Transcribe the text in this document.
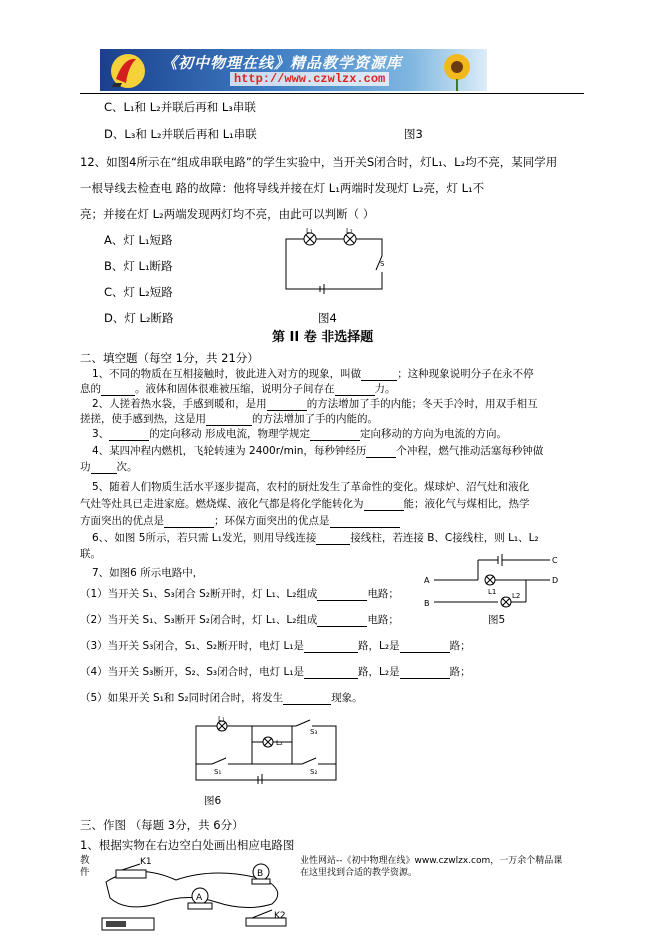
《初中物理在线》精品教学资源库
http://www.czwlzx.com
C、L₁和 L₂并联后再和 L₃串联
D、L₃和 L₂并联后再和 L₁串联	图3
12、如图4所示在“组成串联电路”的学生实验中，当开关S闭合时，灯L₁、L₂均不亮，某同学用
一根导线去检查电 路的故障：他将导线并接在灯 L₁两端时发现灯 L₂亮，灯 L₁不
亮；并接在灯 L₂两端发现两灯均不亮，由此可以判断（ ）
A、灯 L₁短路
B、灯 L₁断路
C、灯 L₂短路
D、灯 L₂断路
L₁	L₂
S
图4
第 II 卷 非选择题
二、填空题（每空 1分，共 21分）
1、不同的物质在互相接触时，彼此进入对方的现象，叫做	；这种现象说明分子在永不停
息的	。液体和固体很难被压缩，说明分子间存在	力。
2、人搓着热水袋，手感到暖和，是用	的方法增加了手的内能；冬天手冷时，用双手相互
搓搓，使手感到热，这是用	的方法增加了手的内能的。
3、	的定向移动 形成电流，物理学规定	定向移动的方向为电流的方向。
4、某四冲程内燃机，飞轮转速为 2400r/min，每秒钟经历	个冲程，燃气推动活塞每秒钟做
功 次。
5、随着人们物质生活水平逐步提高，农村的厨灶发生了革命性的变化。煤球炉、沼气灶和液化
气灶等灶具已走进家庭。燃烧煤、液化气都是将化学能转化为	能；液化气与煤相比，热学
方面突出的优点是	；环保方面突出的优点是
6、、如图 5所示，若只需 L₁发光，则用导线连接	接线柱，若连接 B、C接线柱，则 L₁、L₂
联。
7、如图6 所示电路中，
（1）当开关 S₁、S₃闭合 S₂断开时，灯 L₁、L₂组成	电路；
（2）当开关 S₁、S₃断开 S₂闭合时，灯 L₁、L₂组成	电路；
（3）当开关 S₃闭合，S₁、S₂断开时，电灯 L₁是	路，L₂是	路；
（4）当开关 S₃断开，S₂、S₃闭合时，电灯 L₁是	路，L₂是	路；
（5）如果开关 S₁和 S₂同时闭合时，将发生	现象。
A
B
C
D
L1 L2
图5
L₁
L₂
S₁	S₂
S₃
图6
三、作图 （每题 3分，共 6分）
1、根据实物在右边空白处画出相应电路图
教
件
业性网站--《初中物理在线》www.czwlzx.com，一万余个精品课
在这里找到合适的教学资源。
K1
B
A
K2
